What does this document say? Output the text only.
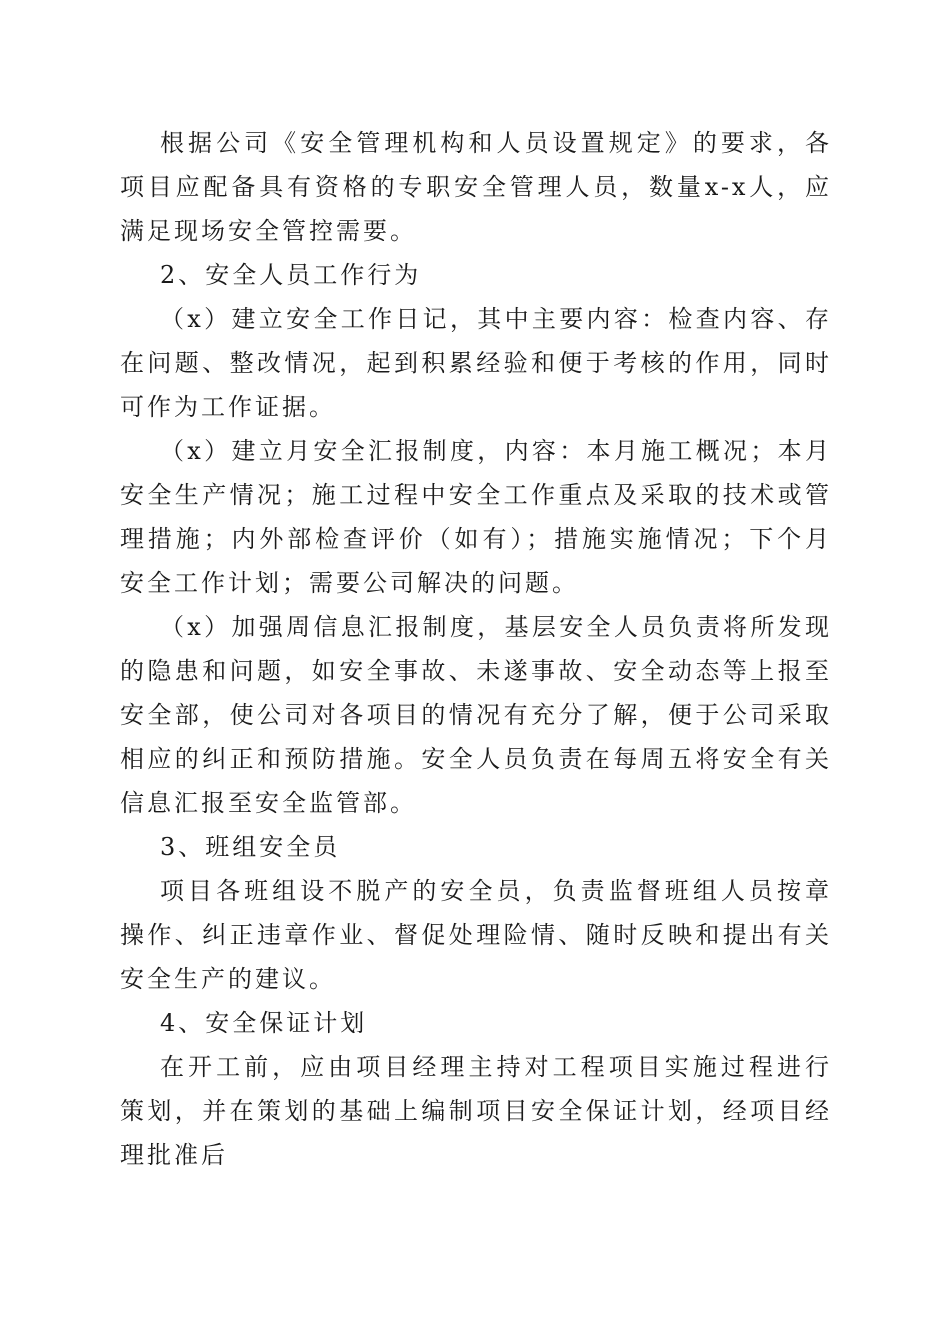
根据公司《安全管理机构和人员设置规定》的要求，各项目应配备具有资格的专职安全管理人员，数量x-x人，应满足现场安全管控需要。

2、安全人员工作行为

（x）建立安全工作日记，其中主要内容：检查内容、存在问题、整改情况，起到积累经验和便于考核的作用，同时可作为工作证据。

（x）建立月安全汇报制度，内容：本月施工概况；本月安全生产情况；施工过程中安全工作重点及采取的技术或管理措施；内外部检查评价（如有）；措施实施情况；下个月安全工作计划；需要公司解决的问题。

（x）加强周信息汇报制度，基层安全人员负责将所发现的隐患和问题，如安全事故、未遂事故、安全动态等上报至安全部，使公司对各项目的情况有充分了解，便于公司采取相应的纠正和预防措施。安全人员负责在每周五将安全有关信息汇报至安全监管部。

3、班组安全员

项目各班组设不脱产的安全员，负责监督班组人员按章操作、纠正违章作业、督促处理险情、随时反映和提出有关安全生产的建议。

4、安全保证计划

在开工前，应由项目经理主持对工程项目实施过程进行策划，并在策划的基础上编制项目安全保证计划，经项目经理批准后
